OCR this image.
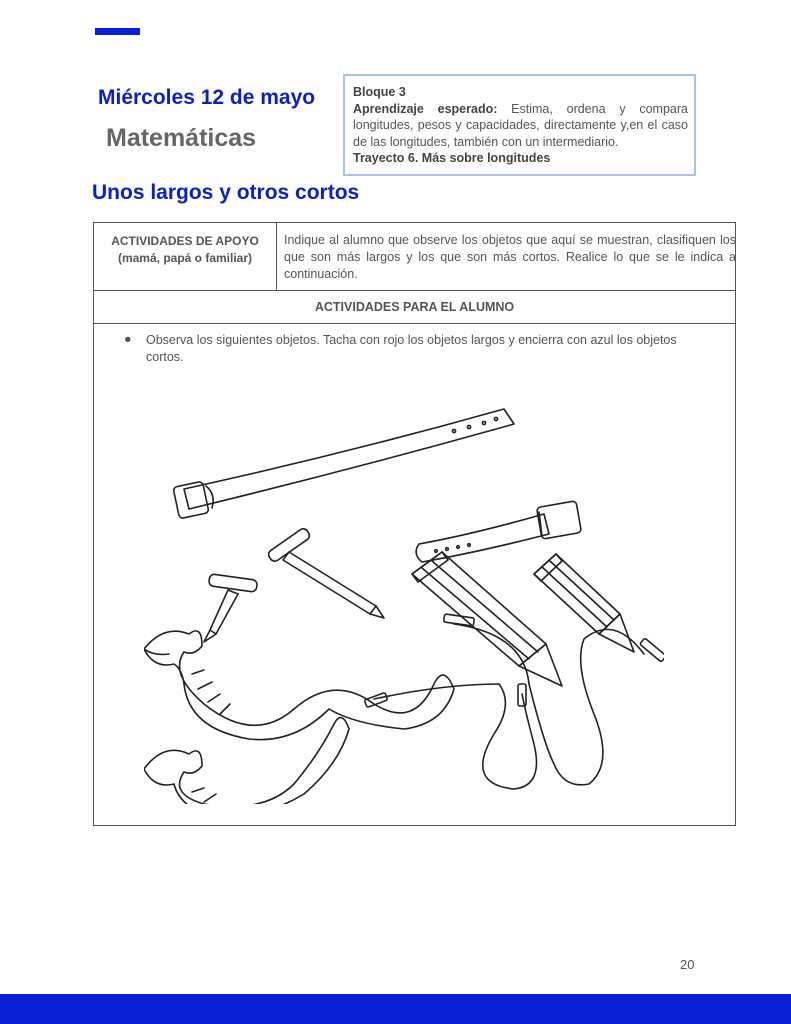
Miércoles 12 de mayo
Matemáticas
Bloque 3
Aprendizaje esperado: Estima, ordena y compara longitudes, pesos y capacidades, directamente y,en el caso de las longitudes, también con un intermediario.
Trayecto 6. Más sobre longitudes
Unos largos y otros cortos
ACTIVIDADES DE APOYO
(mamá, papá o familiar)
Indique al alumno que observe los objetos que aquí se muestran, clasifiquen los que son más largos y los que son más cortos. Realice lo que se le indica a continuación.
ACTIVIDADES PARA EL ALUMNO
● Observa los siguientes objetos. Tacha con rojo los objetos largos y encierra con azul los objetos cortos.
20
